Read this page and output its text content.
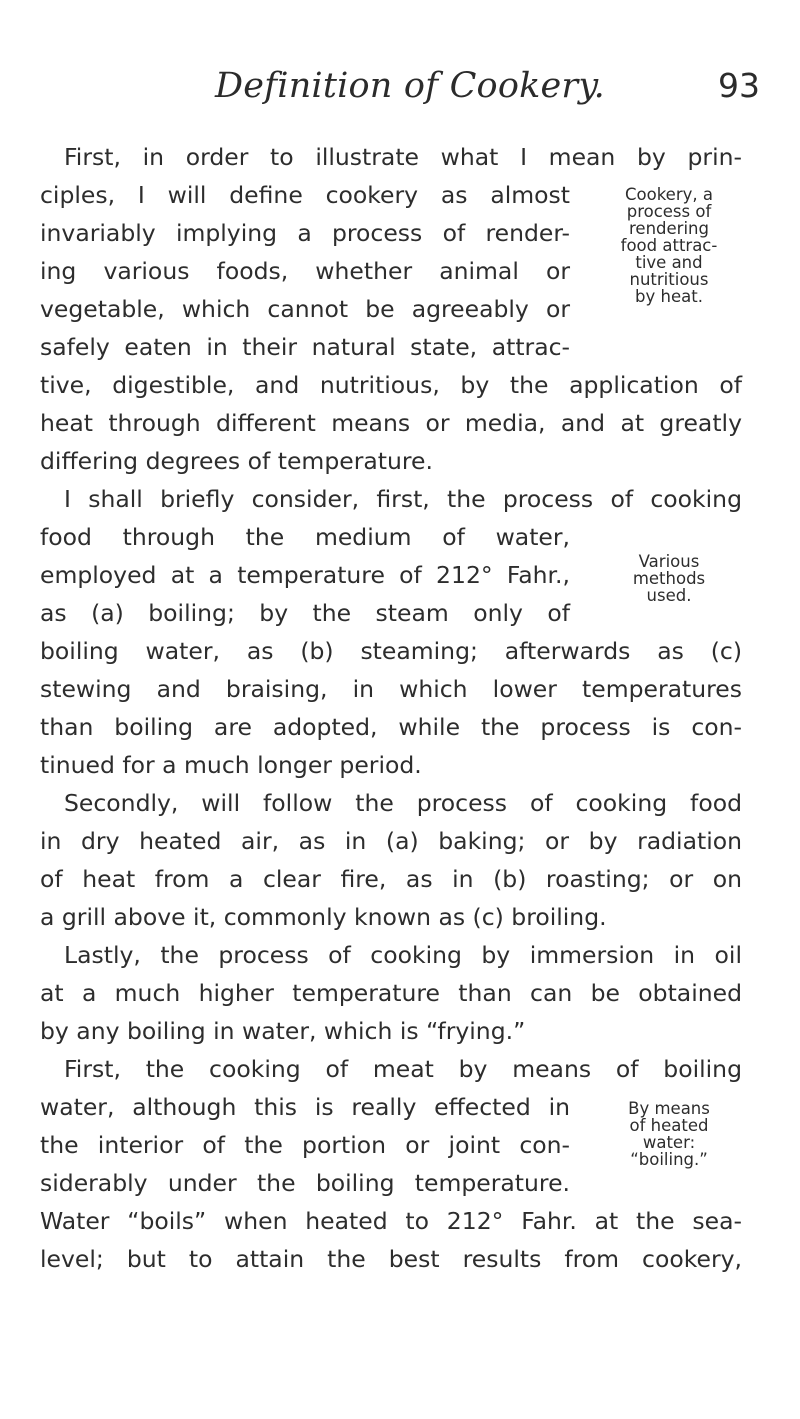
Definition of Cookery.	93
First, in order to illustrate what I mean by prin-
ciples, I will define cookery as almost
invariably implying a process of render-
ing various foods, whether animal or
vegetable, which cannot be agreeably or
safely eaten in their natural state, attrac-
tive, digestible, and nutritious, by the application of
heat through different means or media, and at greatly
differing degrees of temperature.
I shall briefly consider, first, the process of cooking
food through the medium of water,
employed at a temperature of 212° Fahr.,
as (a) boiling; by the steam only of
boiling water, as (b) steaming; afterwards as (c)
stewing and braising, in which lower temperatures
than boiling are adopted, while the process is con-
tinued for a much longer period.
Secondly, will follow the process of cooking food
in dry heated air, as in (a) baking; or by radiation
of heat from a clear fire, as in (b) roasting; or on
a grill above it, commonly known as (c) broiling.
Lastly, the process of cooking by immersion in oil
at a much higher temperature than can be obtained
by any boiling in water, which is “frying.”
First, the cooking of meat by means of boiling
water, although this is really effected in
the interior of the portion or joint con-
siderably under the boiling temperature.
Water “boils” when heated to 212° Fahr. at the sea-
level; but to attain the best results from cookery,
Cookery, a
process of
rendering
food attrac-
tive and
nutritious
by heat.
Various
methods
used.
By means
of heated
water:
“boiling.”
